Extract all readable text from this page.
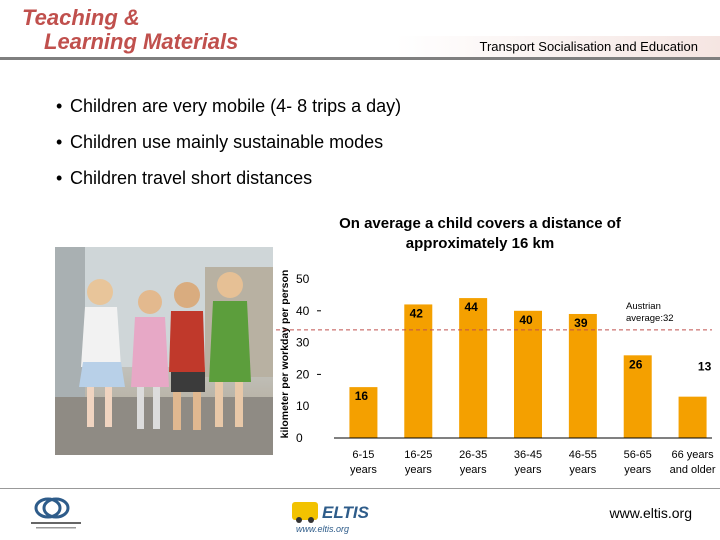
Teaching &
Learning Materials	Transport Socialisation and Education
• Children are very mobile (4- 8 trips a day)
• Children use mainly sustainable modes
• Children travel short distances
On average a child covers a distance of
approximately 16 km
kilometer per workday per person 0
10
20
30
40
50
16
42	44
40	39
26	13
6-15
years
16-25
years
26-35
years
36-45
years
46-55
years
56-65
years
66 years
and older
Austrian
average:32
ELTIS
www.eltis.org
www.eltis.org
